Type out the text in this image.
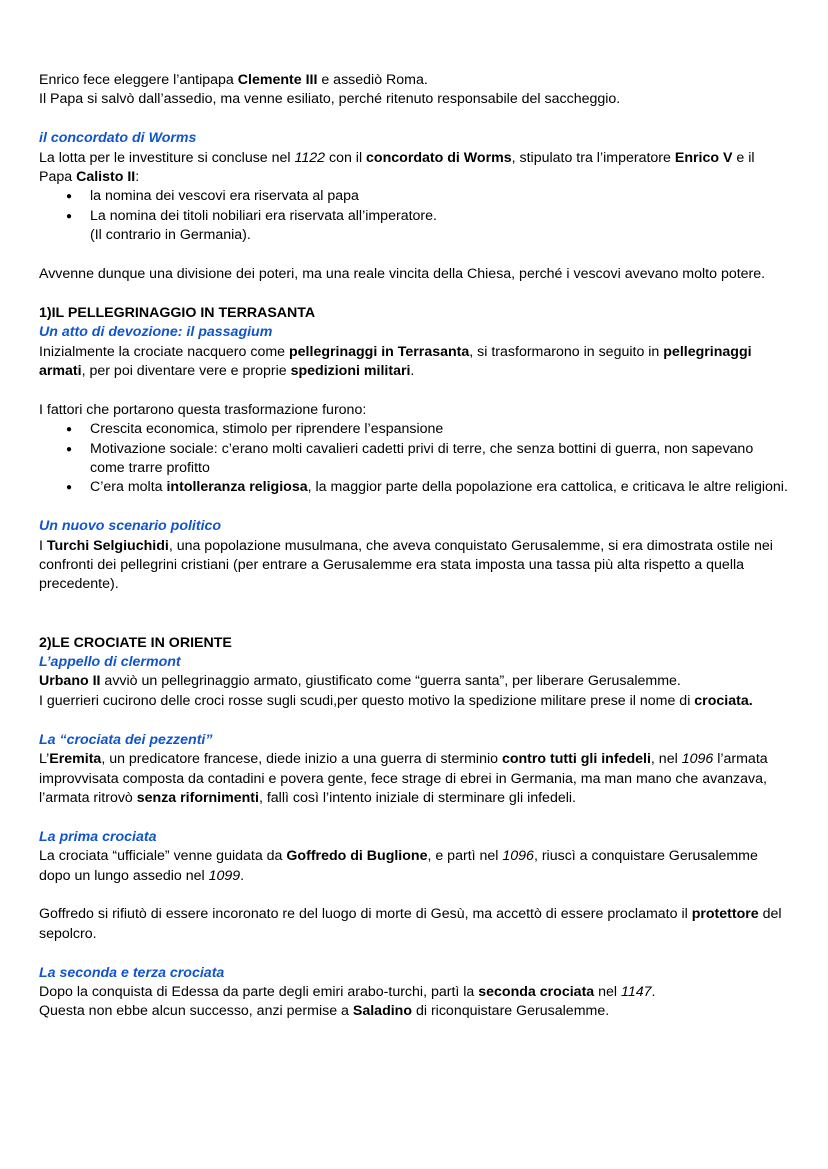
Enrico fece eleggere l’antipapa Clemente III e assediò Roma.
Il Papa si salvò dall’assedio, ma venne esiliato, perché ritenuto responsabile del saccheggio.
il concordato di Worms
La lotta per le investiture si concluse nel 1122 con il concordato di Worms, stipulato tra l’imperatore Enrico V e il Papa Calisto II:
● la nomina dei vescovi era riservata al papa
● La nomina dei titoli nobiliari era riservata all’imperatore.
(Il contrario in Germania).
Avvenne dunque una divisione dei poteri, ma una reale vincita della Chiesa, perché i vescovi avevano molto potere.
1)IL PELLEGRINAGGIO IN TERRASANTA
Un atto di devozione: il passagium
Inizialmente la crociate nacquero come pellegrinaggi in Terrasanta, si trasformarono in seguito in pellegrinaggi armati, per poi diventare vere e proprie spedizioni militari.
I fattori che portarono questa trasformazione furono:
● Crescita economica, stimolo per riprendere l’espansione
● Motivazione sociale: c’erano molti cavalieri cadetti privi di terre, che senza bottini di guerra, non sapevano come trarre profitto
● C’era molta intolleranza religiosa, la maggior parte della popolazione era cattolica, e criticava le altre religioni.
Un nuovo scenario politico
I Turchi Selgiuchidi, una popolazione musulmana, che aveva conquistato Gerusalemme, si era dimostrata ostile nei confronti dei pellegrini cristiani (per entrare a Gerusalemme era stata imposta una tassa più alta rispetto a quella precedente).
2)LE CROCIATE IN ORIENTE
L’appello di clermont
Urbano II avviò un pellegrinaggio armato, giustificato come “guerra santa”, per liberare Gerusalemme.
I guerrieri cucirono delle croci rosse sugli scudi,per questo motivo la spedizione militare prese il nome di crociata.
La “crociata dei pezzenti”
L’Eremita, un predicatore francese, diede inizio a una guerra di sterminio contro tutti gli infedeli, nel 1096 l’armata improvvisata composta da contadini e povera gente, fece strage di ebrei in Germania, ma man mano che avanzava, l’armata ritrovò senza rifornimenti, fallì così l’intento iniziale di sterminare gli infedeli.
La prima crociata
La crociata “ufficiale” venne guidata da Goffredo di Buglione, e partì nel 1096, riuscì a conquistare Gerusalemme dopo un lungo assedio nel 1099.
Goffredo si rifiutò di essere incoronato re del luogo di morte di Gesù, ma accettò di essere proclamato il protettore del sepolcro.
La seconda e terza crociata
Dopo la conquista di Edessa da parte degli emiri arabo-turchi, partì la seconda crociata nel 1147.
Questa non ebbe alcun successo, anzi permise a Saladino di riconquistare Gerusalemme.
